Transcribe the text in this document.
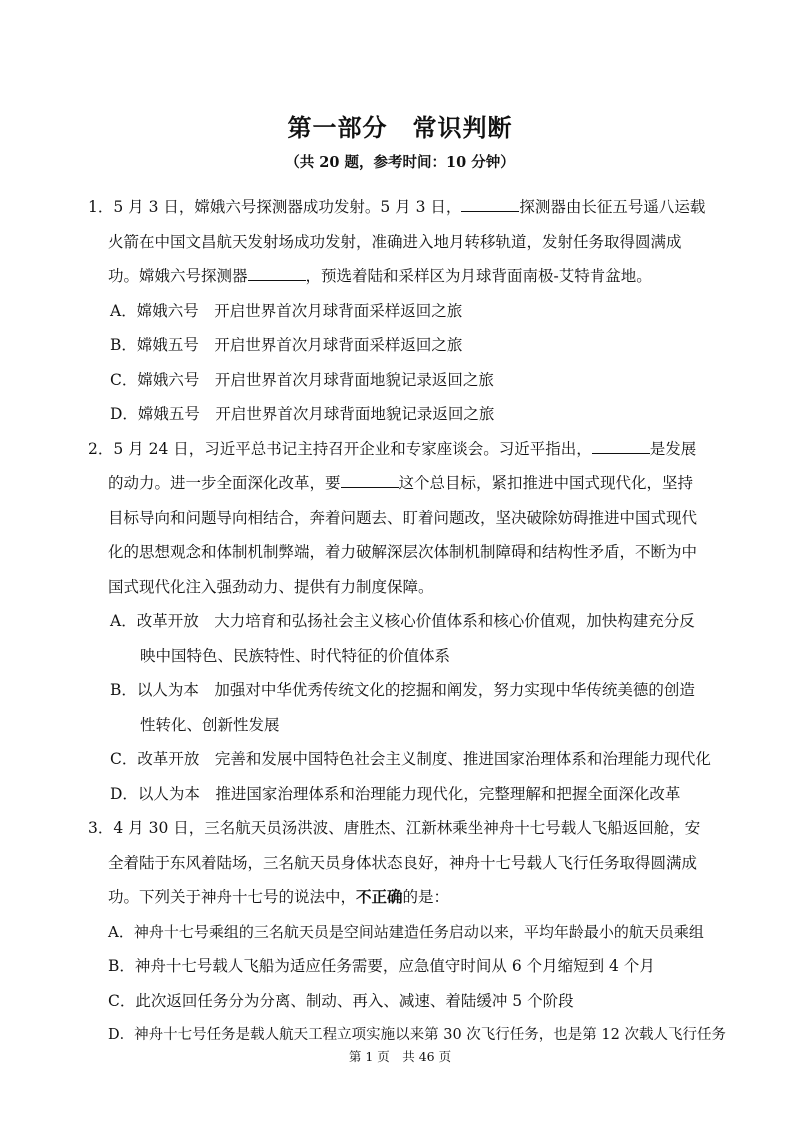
第一部分　常识判断
（共 20 题，参考时间：10 分钟）
1．5 月 3 日，嫦娥六号探测器成功发射。5 月 3 日，	探测器由长征五号遥八运载
火箭在中国文昌航天发射场成功发射，准确进入地月转移轨道，发射任务取得圆满成
功。嫦娥六号探测器	，预选着陆和采样区为月球背面南极-艾特肯盆地。
A．嫦娥六号　开启世界首次月球背面采样返回之旅
B．嫦娥五号　开启世界首次月球背面采样返回之旅
C．嫦娥六号　开启世界首次月球背面地貌记录返回之旅
D．嫦娥五号　开启世界首次月球背面地貌记录返回之旅
2．5 月 24 日，习近平总书记主持召开企业和专家座谈会。习近平指出，	是发展
的动力。进一步全面深化改革，要	这个总目标，紧扣推进中国式现代化，坚持
目标导向和问题导向相结合，奔着问题去、盯着问题改，坚决破除妨碍推进中国式现代
化的思想观念和体制机制弊端，着力破解深层次体制机制障碍和结构性矛盾，不断为中
国式现代化注入强劲动力、提供有力制度保障。
A．改革开放　大力培育和弘扬社会主义核心价值体系和核心价值观，加快构建充分反
映中国特色、民族特性、时代特征的价值体系
B．以人为本　加强对中华优秀传统文化的挖掘和阐发，努力实现中华传统美德的创造
性转化、创新性发展
C．改革开放　完善和发展中国特色社会主义制度、推进国家治理体系和治理能力现代化
D．以人为本　推进国家治理体系和治理能力现代化，完整理解和把握全面深化改革
3．4 月 30 日，三名航天员汤洪波、唐胜杰、江新林乘坐神舟十七号载人飞船返回舱，安
全着陆于东风着陆场，三名航天员身体状态良好，神舟十七号载人飞行任务取得圆满成
功。下列关于神舟十七号的说法中，不正确的是：
A．神舟十七号乘组的三名航天员是空间站建造任务启动以来，平均年龄最小的航天员乘组
B．神舟十七号载人飞船为适应任务需要，应急值守时间从 6 个月缩短到 4 个月
C．此次返回任务分为分离、制动、再入、减速、着陆缓冲 5 个阶段
D．神舟十七号任务是载人航天工程立项实施以来第 30 次飞行任务，也是第 12 次载人飞行任务
第 1 页　共 46 页
